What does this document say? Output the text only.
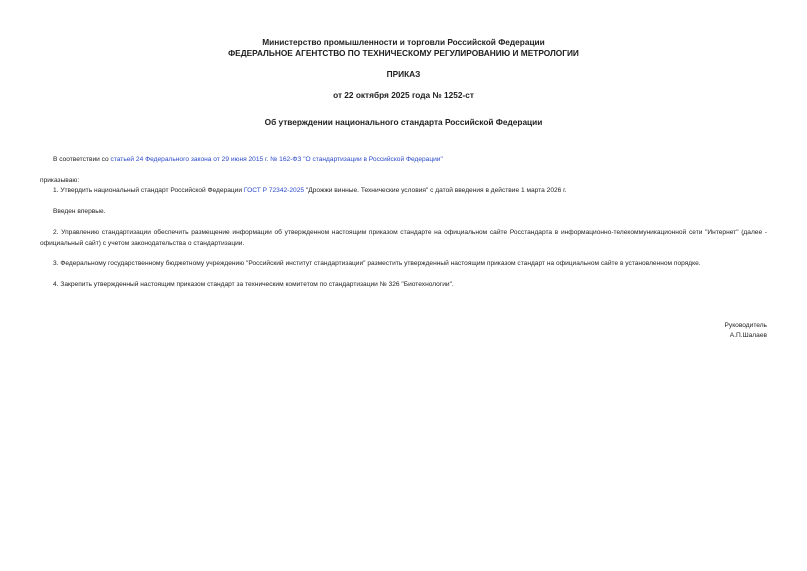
Министерство промышленности и торговли Российской Федерации
ФЕДЕРАЛЬНОЕ АГЕНТСТВО ПО ТЕХНИЧЕСКОМУ РЕГУЛИРОВАНИЮ И МЕТРОЛОГИИ
ПРИКАЗ
от 22 октября 2025 года № 1252-ст
Об утверждении национального стандарта Российской Федерации
В соответствии со статьей 24 Федерального закона от 29 июня 2015 г. № 162-ФЗ "О стандартизации в Российской Федерации"
приказываю:
1. Утвердить национальный стандарт Российской Федерации ГОСТ Р 72342-2025 "Дрожжи винные. Технические условия" с датой введения в действие 1 марта 2026 г.
Введен впервые.
2. Управлению стандартизации обеспечить размещение информации об утвержденном настоящим приказом стандарте на официальном сайте Росстандарта в информационно-телекоммуникационной сети "Интернет" (далее - официальный сайт) с учетом законодательства о стандартизации.
3. Федеральному государственному бюджетному учреждению "Российский институт стандартизации" разместить утвержденный настоящим приказом стандарт на официальном сайте в установленном порядке.
4. Закрепить утвержденный настоящим приказом стандарт за техническим комитетом по стандартизации № 326 "Биотехнологии".
Руководитель
А.П.Шалаев
